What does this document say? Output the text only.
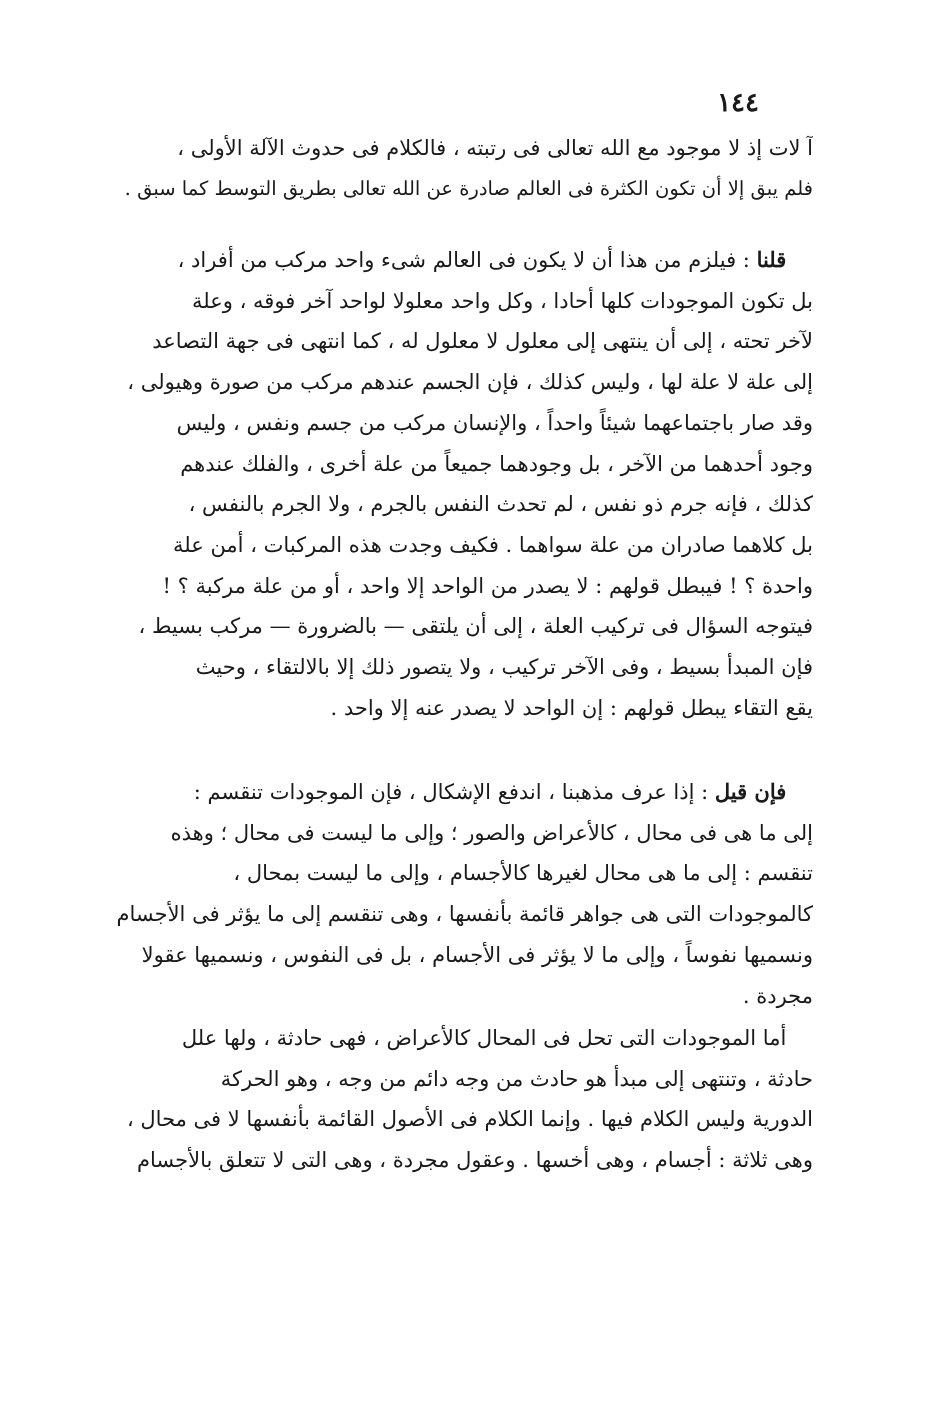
١٤٤
آ لات إذ لا موجود مع الله تعالى فى رتبته ، فالكلام فى حدوث الآلة الأولى ،
فلم يبق إلا أن تكون الكثرة فى العالم صادرة عن الله تعالى بطريق التوسط كما سبق .
قلنا : فيلزم من هذا أن لا يكون فى العالم شىء واحد مركب من أفراد ،
بل تكون الموجودات كلها أحادا ، وكل واحد معلولا لواحد آخر فوقه ، وعلة
لآخر تحته ، إلى أن ينتهى إلى معلول لا معلول له ، كما انتهى فى جهة التصاعد
إلى علة لا علة لها ، وليس كذلك ، فإن الجسم عندهم مركب من صورة وهيولى ،
وقد صار باجتماعهما شيئاً واحداً ، والإنسان مركب من جسم ونفس ، وليس
وجود أحدهما من الآخر ، بل وجودهما جميعاً من علة أخرى ، والفلك عندهم
كذلك ، فإنه جرم ذو نفس ، لم تحدث النفس بالجرم ، ولا الجرم بالنفس ،
بل كلاهما صادران من علة سواهما . فكيف وجدت هذه المركبات ، أمن علة
واحدة ؟ ! فيبطل قولهم : لا يصدر من الواحد إلا واحد ، أو من علة مركبة ؟ !
فيتوجه السؤال فى تركيب العلة ، إلى أن يلتقى — بالضرورة — مركب بسيط ،
فإن المبدأ بسيط ، وفى الآخر تركيب ، ولا يتصور ذلك إلا بالالتقاء ، وحيث
يقع التقاء يبطل قولهم : إن الواحد لا يصدر عنه إلا واحد .
فإن قيل : إذا عرف مذهبنا ، اندفع الإشكال ، فإن الموجودات تنقسم :
إلى ما هى فى محال ، كالأعراض والصور ؛ وإلى ما ليست فى محال ؛ وهذه
تنقسم : إلى ما هى محال لغيرها كالأجسام ، وإلى ما ليست بمحال ،
كالموجودات التى هى جواهر قائمة بأنفسها ، وهى تنقسم إلى ما يؤثر فى الأجسام
ونسميها نفوساً ، وإلى ما لا يؤثر فى الأجسام ، بل فى النفوس ، ونسميها عقولا
مجردة .
أما الموجودات التى تحل فى المحال كالأعراض ، فهى حادثة ، ولها علل
حادثة ، وتنتهى إلى مبدأ هو حادث من وجه دائم من وجه ، وهو الحركة
الدورية وليس الكلام فيها . وإنما الكلام فى الأصول القائمة بأنفسها لا فى محال ،
وهى ثلاثة : أجسام ، وهى أخسها . وعقول مجردة ، وهى التى لا تتعلق بالأجسام
